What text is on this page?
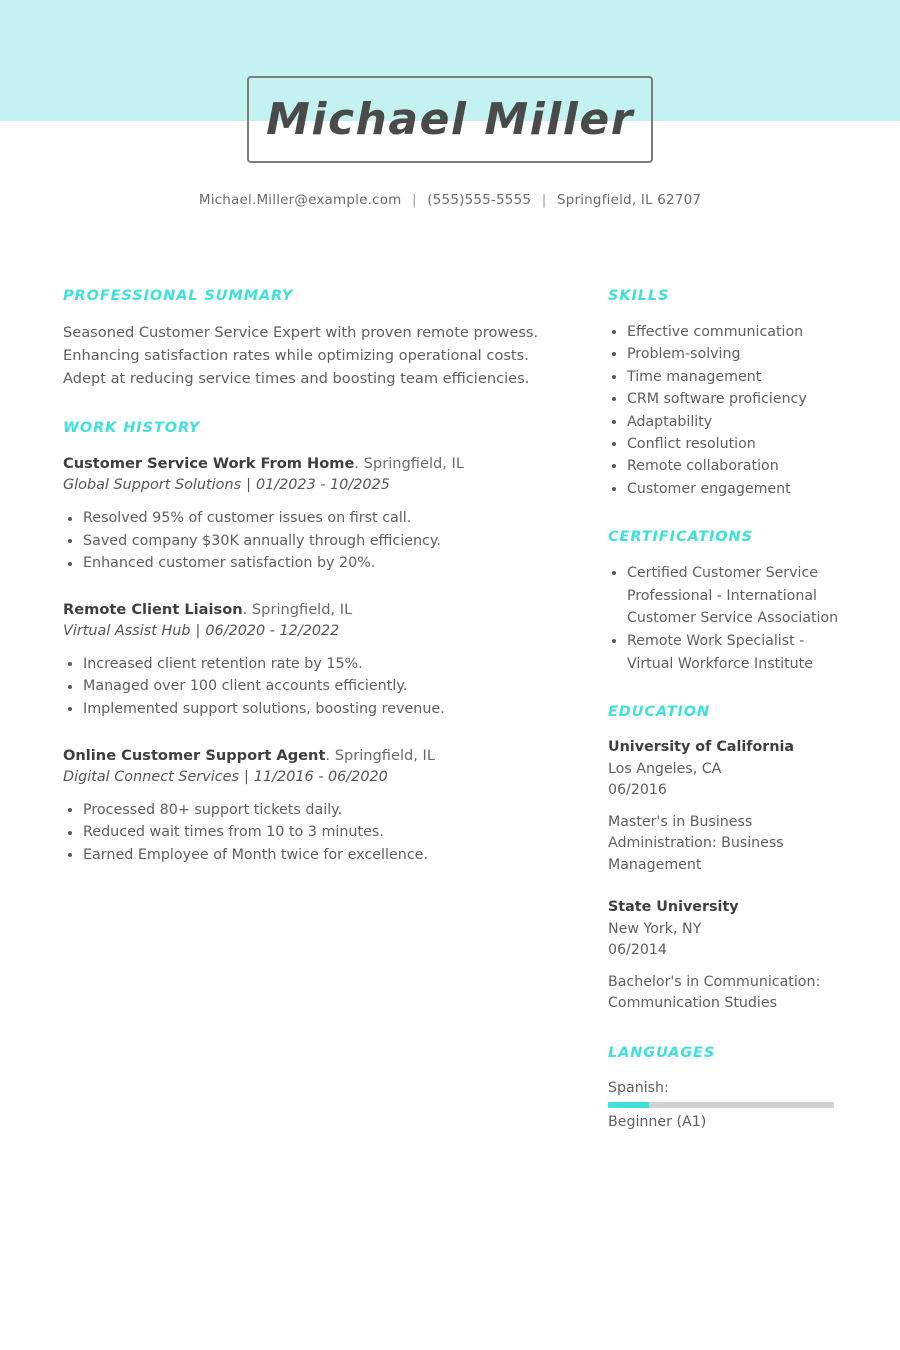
Michael Miller
Michael.Miller@example.com | (555)555-5555 | Springfield, IL 62707
PROFESSIONAL SUMMARY
Seasoned Customer Service Expert with proven remote prowess. Enhancing satisfaction rates while optimizing operational costs. Adept at reducing service times and boosting team efficiencies.
WORK HISTORY
Customer Service Work From Home. Springfield, IL
Global Support Solutions | 01/2023 - 10/2025
Resolved 95% of customer issues on first call.
Saved company $30K annually through efficiency.
Enhanced customer satisfaction by 20%.
Remote Client Liaison. Springfield, IL
Virtual Assist Hub | 06/2020 - 12/2022
Increased client retention rate by 15%.
Managed over 100 client accounts efficiently.
Implemented support solutions, boosting revenue.
Online Customer Support Agent. Springfield, IL
Digital Connect Services | 11/2016 - 06/2020
Processed 80+ support tickets daily.
Reduced wait times from 10 to 3 minutes.
Earned Employee of Month twice for excellence.
SKILLS
Effective communication
Problem-solving
Time management
CRM software proficiency
Adaptability
Conflict resolution
Remote collaboration
Customer engagement
CERTIFICATIONS
Certified Customer Service Professional - International Customer Service Association
Remote Work Specialist - Virtual Workforce Institute
EDUCATION
University of California
Los Angeles, CA
06/2016
Master's in Business Administration: Business Management
State University
New York, NY
06/2014
Bachelor's in Communication: Communication Studies
LANGUAGES
Spanish:
Beginner (A1)
